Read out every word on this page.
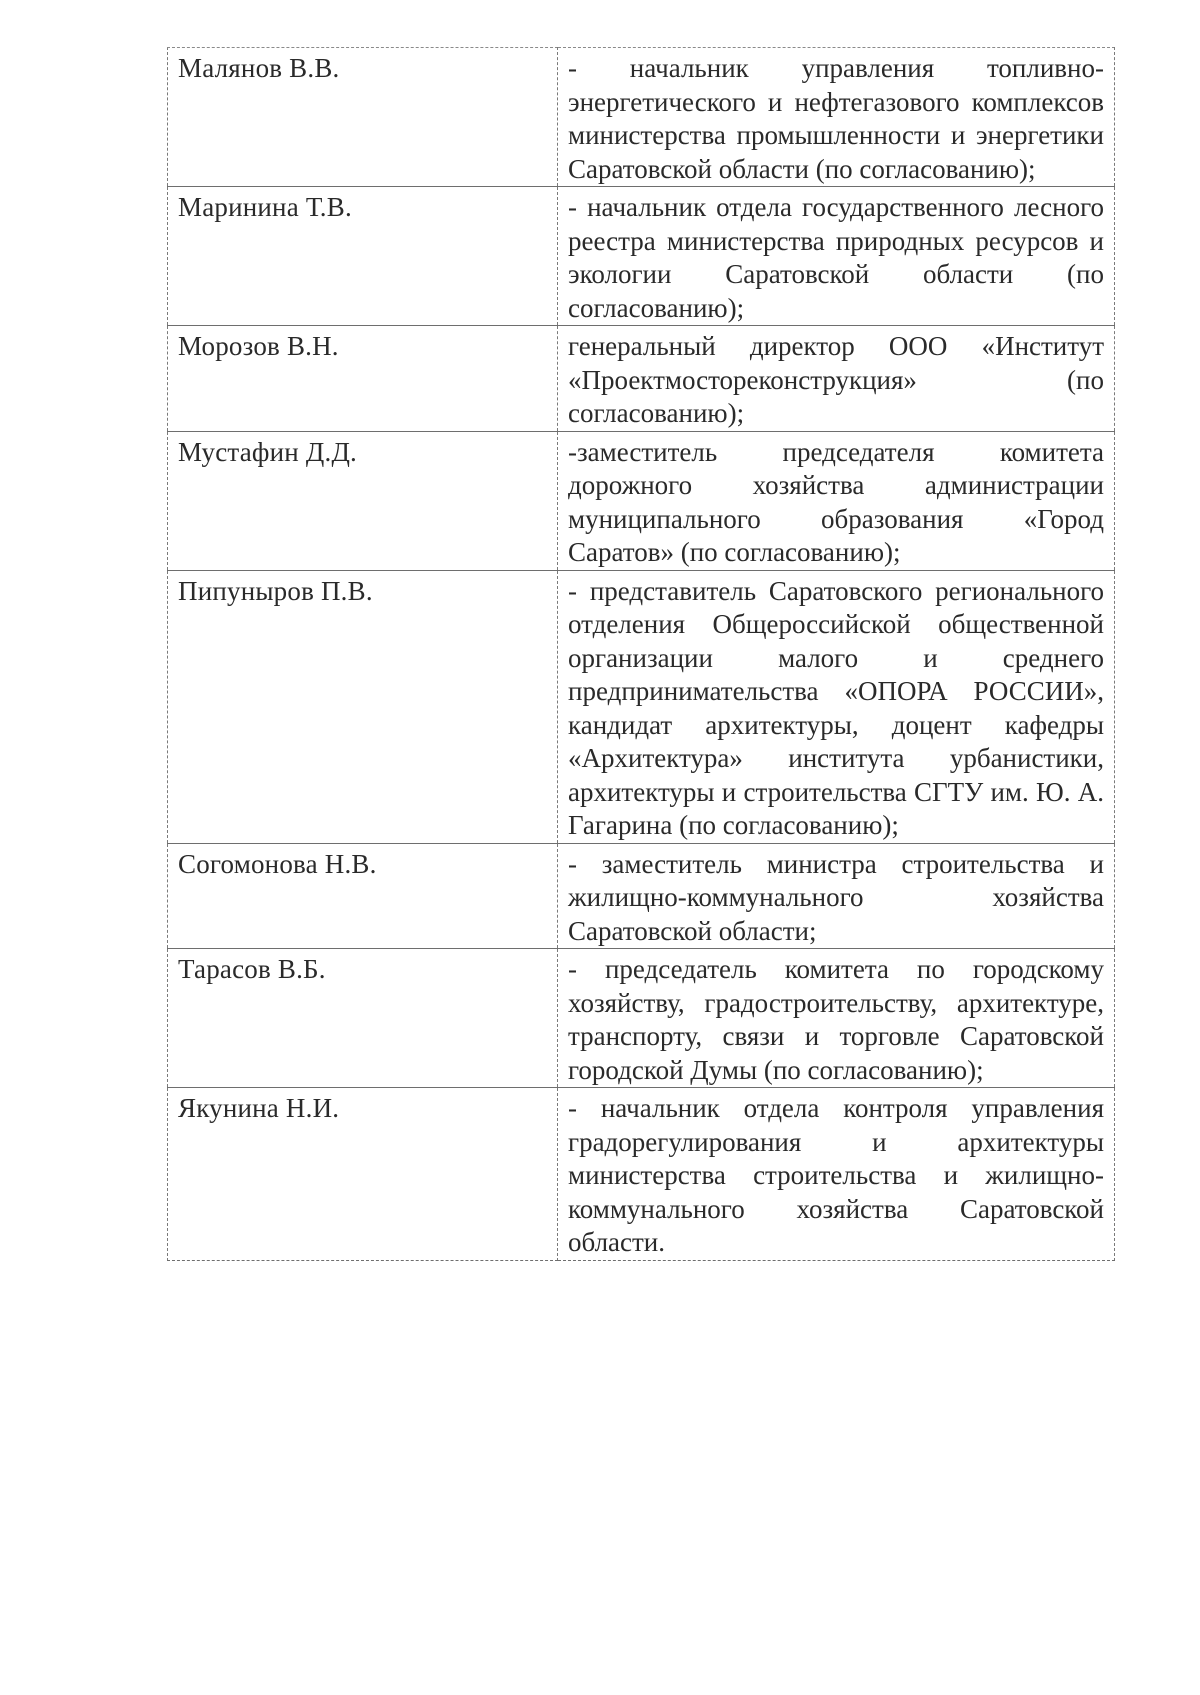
Малянов В.В.	- начальник управления топливно-энергетического и нефтегазового комплексов министерства промышленности и энергетики Саратовской области (по согласованию);
Маринина Т.В.	- начальник отдела государственного лесного реестра министерства природных ресурсов и экологии Саратовской области (по согласованию);
Морозов В.Н.	генеральный директор ООО «Институт «Проектмостореконструкция» (по согласованию);
Мустафин Д.Д.	-заместитель председателя комитета дорожного хозяйства администрации муниципального образования «Город Саратов» (по согласованию);
Пипуныров П.В.	- представитель Саратовского регионального отделения Общероссийской общественной организации малого и среднего предпринимательства «ОПОРА РОССИИ», кандидат архитектуры, доцент кафедры «Архитектура» института урбанистики, архитектуры и строительства СГТУ им. Ю. А. Гагарина (по согласованию);
Согомонова Н.В.	- заместитель министра строительства и жилищно-коммунального хозяйства Саратовской области;
Тарасов В.Б.	- председатель комитета по городскому хозяйству, градостроительству, архитектуре, транспорту, связи и торговле Саратовской городской Думы (по согласованию);
Якунина Н.И.	- начальник отдела контроля управления градорегулирования и архитектуры министерства строительства и жилищно-коммунального хозяйства Саратовской области.
